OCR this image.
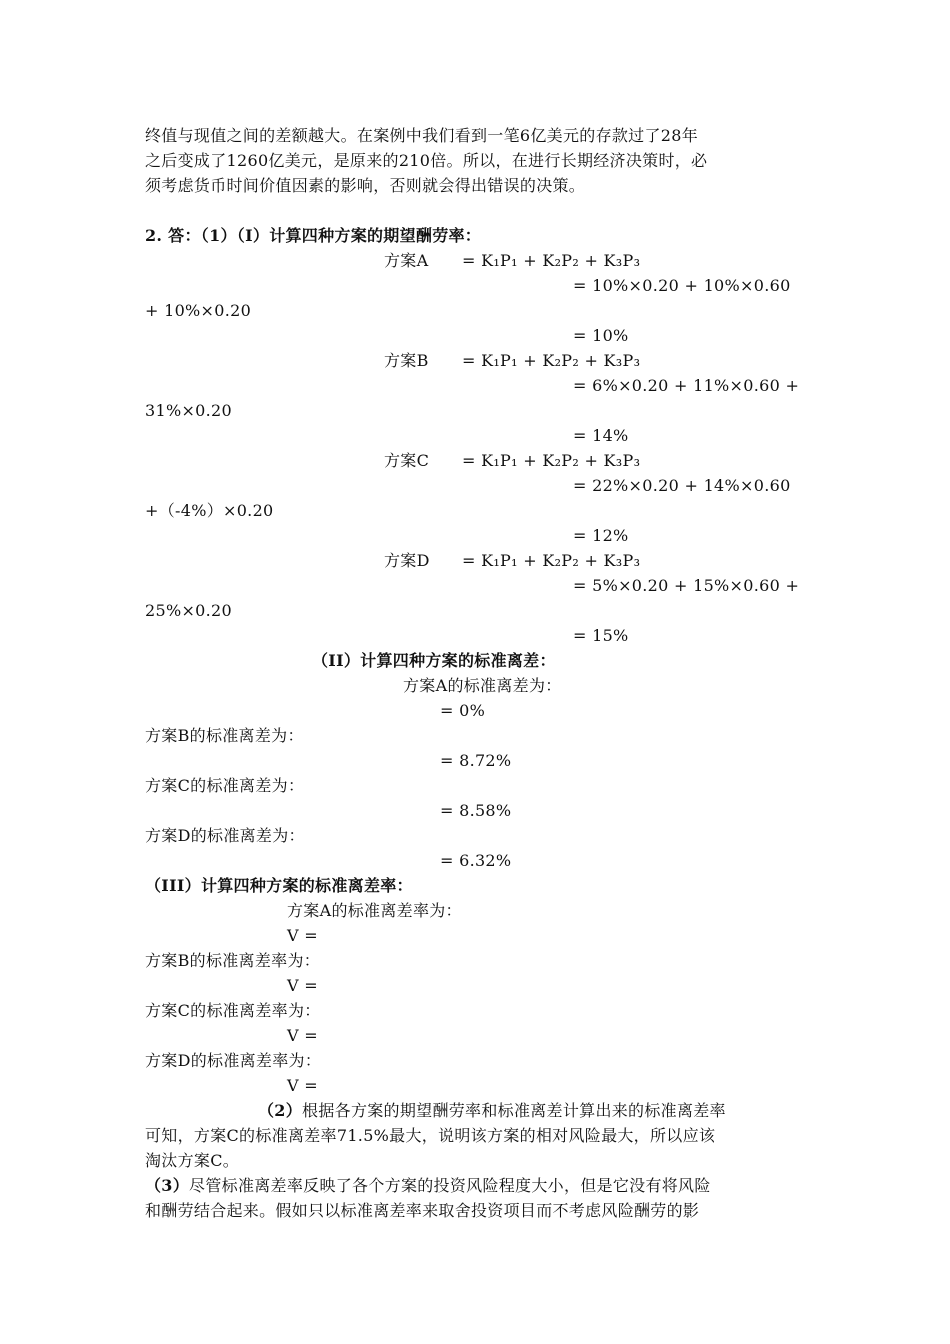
终值与现值之间的差额越大。在案例中我们看到一笔6亿美元的存款过了28年
之后变成了1260亿美元，是原来的210倍。所以，在进行长期经济决策时，必
须考虑货币时间价值因素的影响，否则就会得出错误的决策。
2. 答：（1）（I）计算四种方案的期望酬劳率：
方案A = K₁P₁ + K₂P₂ + K₃P₃
= 10%×0.20 + 10%×0.60
+ 10%×0.20
= 10%
方案B = K₁P₁ + K₂P₂ + K₃P₃
= 6%×0.20 + 11%×0.60 +
31%×0.20
= 14%
方案C = K₁P₁ + K₂P₂ + K₃P₃
= 22%×0.20 + 14%×0.60
+（-4%）×0.20
= 12%
方案D = K₁P₁ + K₂P₂ + K₃P₃
= 5%×0.20 + 15%×0.60 +
25%×0.20
= 15%
（II）计算四种方案的标准离差：
方案A的标准离差为：
= 0%
方案B的标准离差为：
= 8.72%
方案C的标准离差为：
= 8.58%
方案D的标准离差为：
= 6.32%
（III）计算四种方案的标准离差率：
方案A的标准离差率为：
V =
方案B的标准离差率为：
V =
方案C的标准离差率为：
V =
方案D的标准离差率为：
V =
（2）根据各方案的期望酬劳率和标准离差计算出来的标准离差率
可知，方案C的标准离差率71.5%最大，说明该方案的相对风险最大，所以应该
淘汰方案C。
（3）尽管标准离差率反映了各个方案的投资风险程度大小，但是它没有将风险
和酬劳结合起来。假如只以标准离差率来取舍投资项目而不考虑风险酬劳的影
